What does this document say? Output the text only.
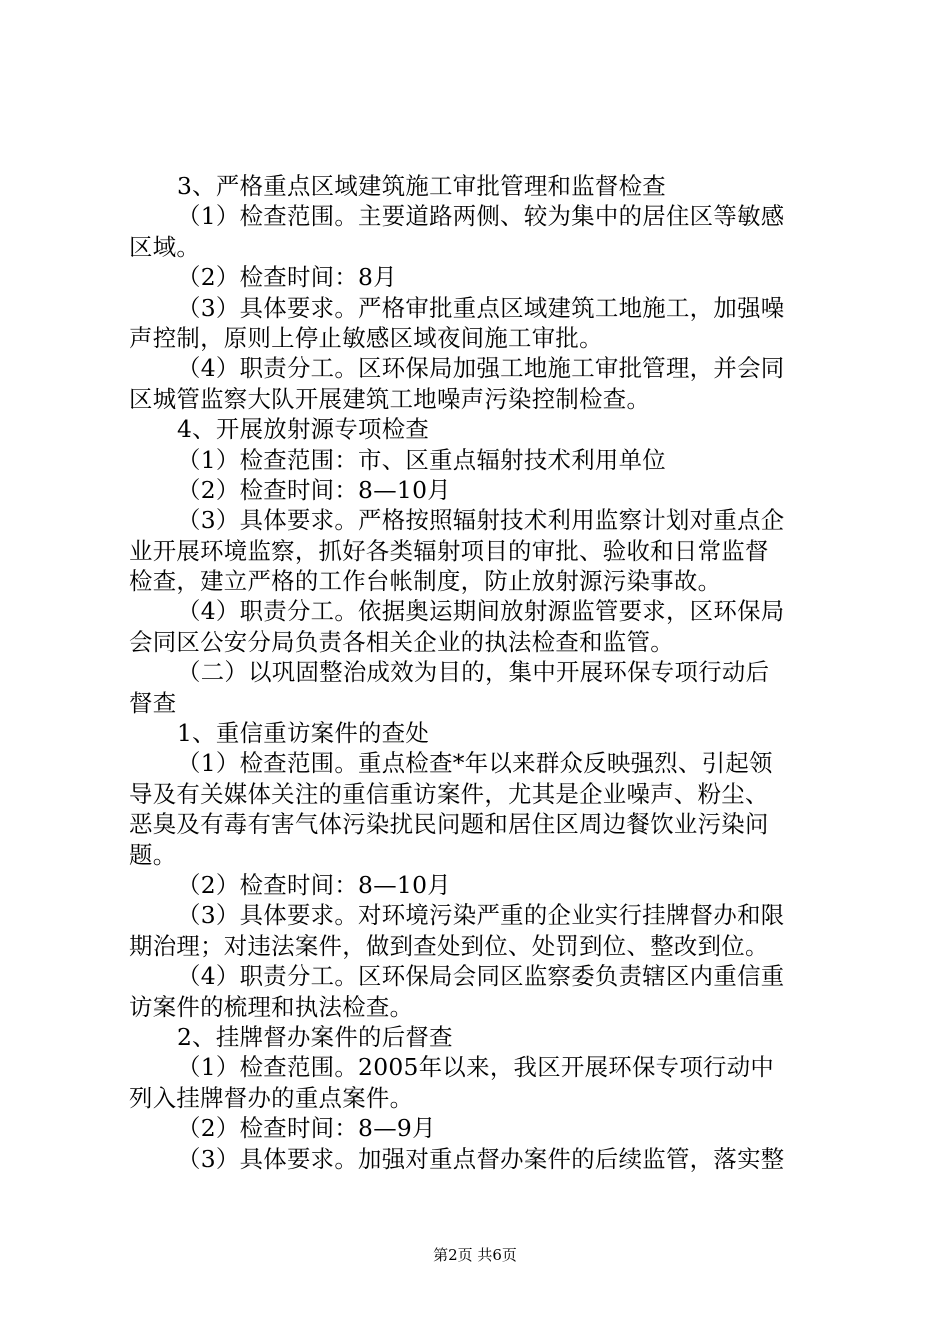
3、严格重点区域建筑施工审批管理和监督检查
（1）检查范围。主要道路两侧、较为集中的居住区等敏感
区域。
（2）检查时间：8月
（3）具体要求。严格审批重点区域建筑工地施工，加强噪
声控制，原则上停止敏感区域夜间施工审批。
（4）职责分工。区环保局加强工地施工审批管理，并会同
区城管监察大队开展建筑工地噪声污染控制检查。
4、开展放射源专项检查
（1）检查范围：市、区重点辐射技术利用单位
（2）检查时间：8—10月
（3）具体要求。严格按照辐射技术利用监察计划对重点企
业开展环境监察，抓好各类辐射项目的审批、验收和日常监督
检查，建立严格的工作台帐制度，防止放射源污染事故。
（4）职责分工。依据奥运期间放射源监管要求，区环保局
会同区公安分局负责各相关企业的执法检查和监管。
（二）以巩固整治成效为目的，集中开展环保专项行动后
督查
1、重信重访案件的查处
（1）检查范围。重点检查*年以来群众反映强烈、引起领
导及有关媒体关注的重信重访案件，尤其是企业噪声、粉尘、
恶臭及有毒有害气体污染扰民问题和居住区周边餐饮业污染问
题。
（2）检查时间：8—10月
（3）具体要求。对环境污染严重的企业实行挂牌督办和限
期治理；对违法案件，做到查处到位、处罚到位、整改到位。
（4）职责分工。区环保局会同区监察委负责辖区内重信重
访案件的梳理和执法检查。
2、挂牌督办案件的后督查
（1）检查范围。2005年以来，我区开展环保专项行动中
列入挂牌督办的重点案件。
（2）检查时间：8—9月
（3）具体要求。加强对重点督办案件的后续监管，落实整
第2页 共6页
